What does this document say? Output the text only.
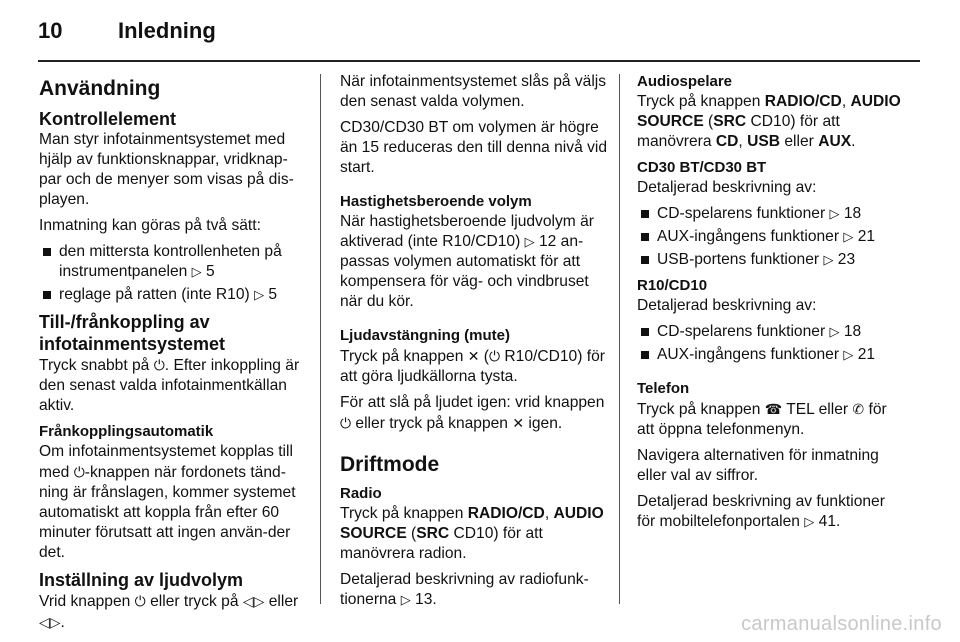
10	Inledning
Användning
Kontrollelement
Man styr infotainmentsystemet med hjälp av funktionsknappar, vridknap-par och de menyer som visas på dis-playen.
Inmatning kan göras på två sätt:
den mittersta kontrollenheten på instrumentpanelen ▷ 5
reglage på ratten (inte R10) ▷ 5
Till-/frånkoppling av infotainmentsystemet
Tryck snabbt på ⏻. Efter inkoppling är den senast valda infotainmentkällan aktiv.
Frånkopplingsautomatik
Om infotainmentsystemet kopplas till med ⏻-knappen när fordonets tänd-ning är frånslagen, kommer systemet automatiskt att koppla från efter 60 minuter förutsatt att ingen använ-der det.
Inställning av ljudvolym
Vrid knappen ⏻ eller tryck på ◁▷ eller ◁▷.
När infotainmentsystemet slås på väljs den senast valda volymen.
CD30/CD30 BT om volymen är högre än 15 reduceras den till denna nivå vid start.
Hastighetsberoende volym
När hastighetsberoende ljudvolym är aktiverad (inte R10/CD10) ▷ 12 an-passas volymen automatiskt för att kompensera för väg- och vindbruset när du kör.
Ljudavstängning (mute)
Tryck på knappen ✕ (⏻ R10/CD10) för att göra ljudkällorna tysta.
För att slå på ljudet igen: vrid knappen ⏻ eller tryck på knappen ✕ igen.
Driftmode
Radio
Tryck på knappen RADIO/CD, AUDIO SOURCE (SRC CD10) för att manövrera radion.
Detaljerad beskrivning av radiofunk-tionerna ▷ 13.
Audiospelare
Tryck på knappen RADIO/CD, AUDIO SOURCE (SRC CD10) för att manövrera CD, USB eller AUX.
CD30 BT/CD30 BT
Detaljerad beskrivning av:
CD-spelarens funktioner ▷ 18
AUX-ingångens funktioner ▷ 21
USB-portens funktioner ▷ 23
R10/CD10
Detaljerad beskrivning av:
CD-spelarens funktioner ▷ 18
AUX-ingångens funktioner ▷ 21
Telefon
Tryck på knappen ☎ TEL eller ✆ för att öppna telefonmenyn.
Navigera alternativen för inmatning eller val av siffror.
Detaljerad beskrivning av funktioner för mobiltelefonportalen ▷ 41.
carmanualsonline.info
